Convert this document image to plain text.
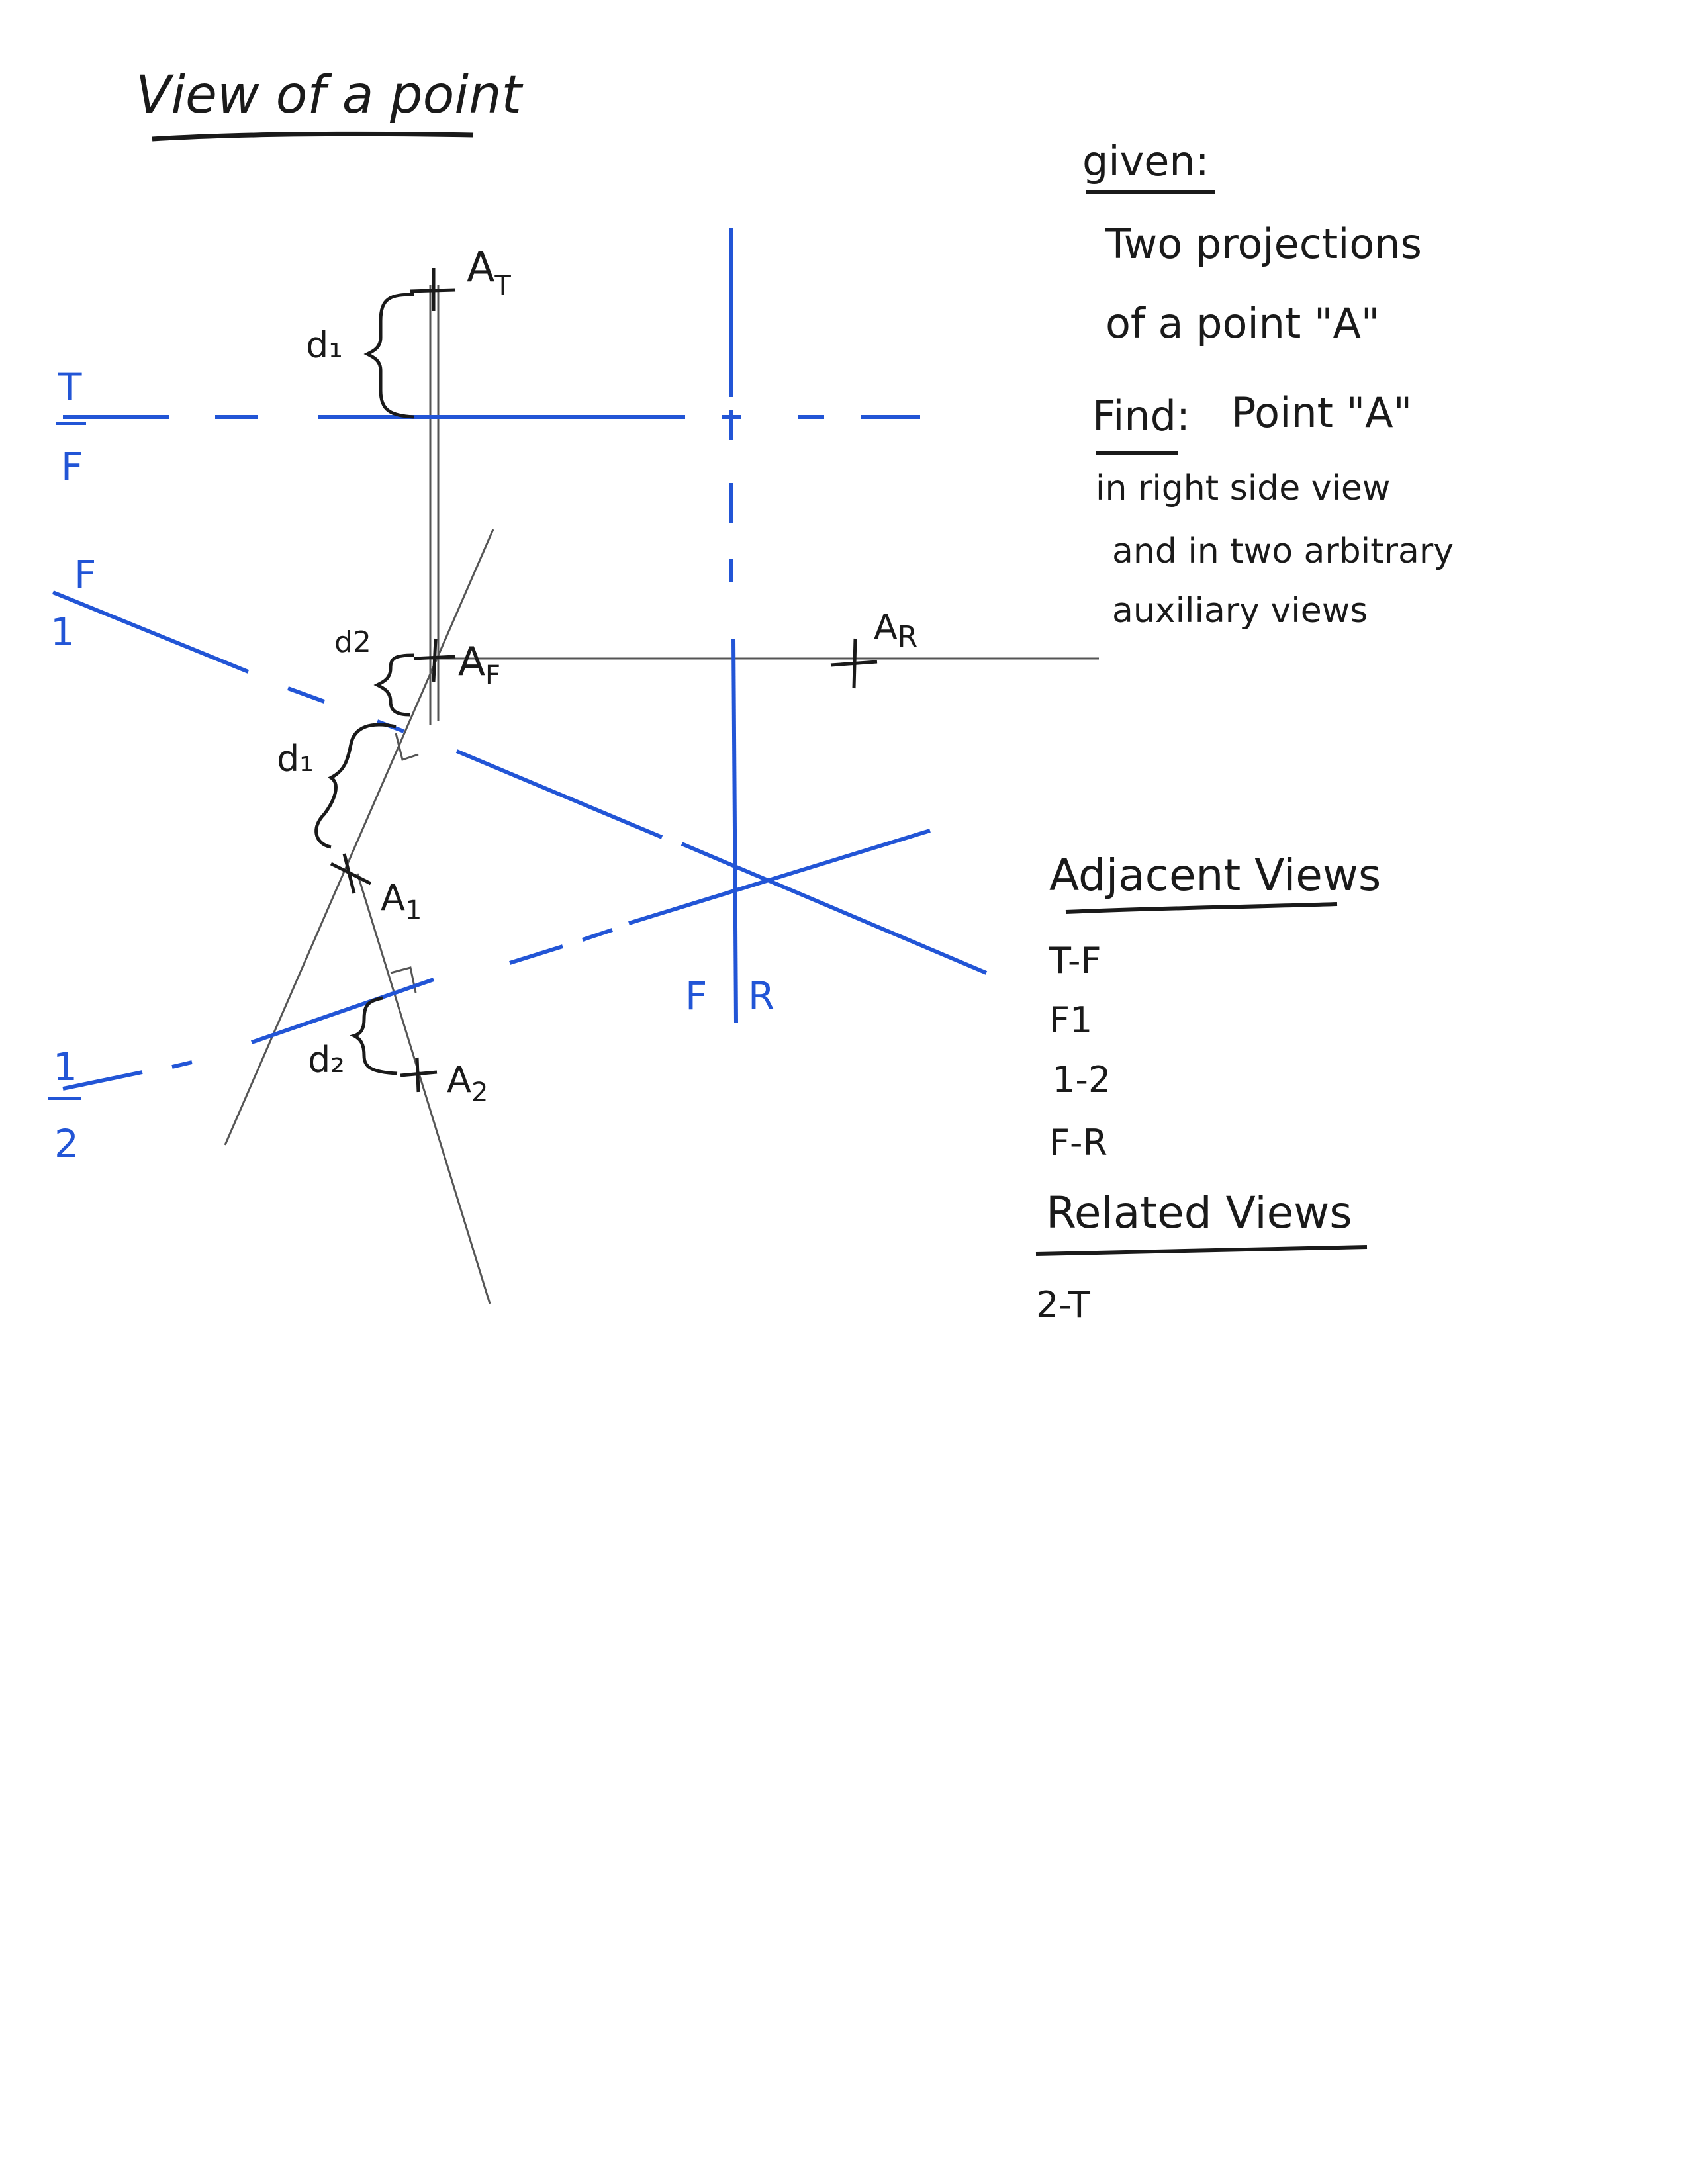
View of a point
T
F
F
1
1
2
F R
$A_T$
$A_F$
$A_R$
$A_1$
$A_2$
d₁
d2
d₁
d₂
given:
Two projections
of a point "A"
Find: Point "A"
in right side view
and in two arbitrary
auxiliary views
Adjacent Views
T-F
F1
1-2
F-R
Related Views
2-T
